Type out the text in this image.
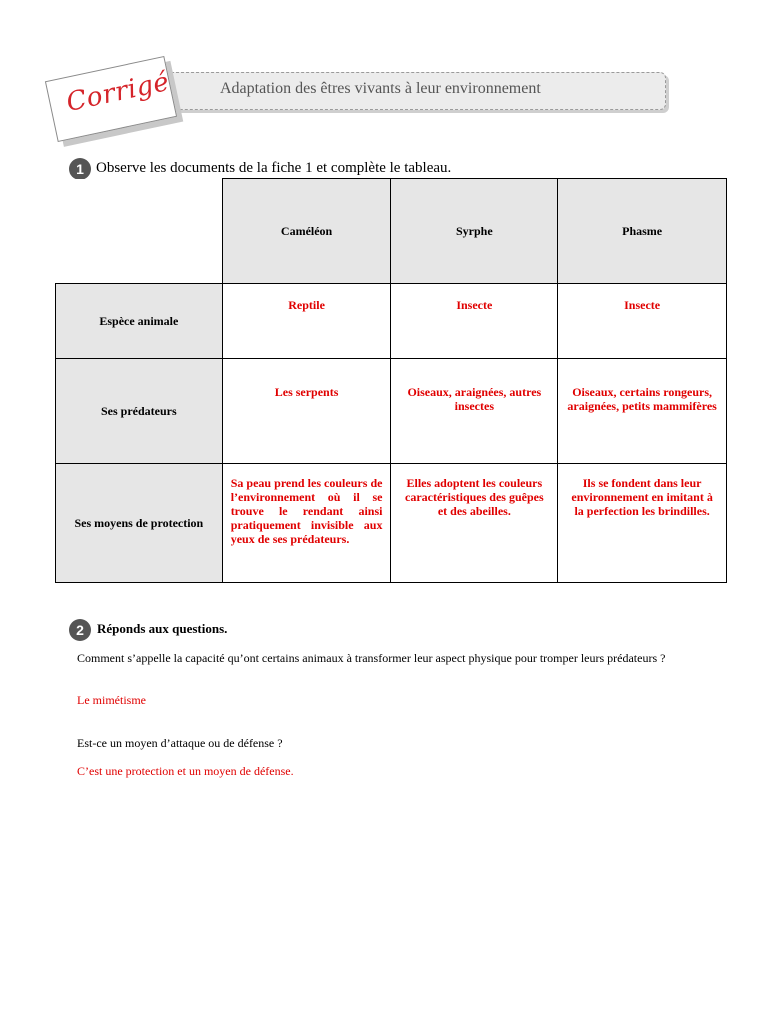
Adaptation des êtres vivants à leur environnement
Corrigé
1 Observe les documents de la fiche 1 et complète le tableau.
	Caméléon	Syrphe	Phasme
Espèce animale	Reptile	Insecte	Insecte
Ses prédateurs	Les serpents	Oiseaux, araignées, autres insectes	Oiseaux, certains rongeurs, araignées, petits mammifères
Ses moyens de protection	Sa peau prend les couleurs de l’environnement où il se trouve le rendant ainsi pratiquement invisible aux yeux de ses prédateurs.	Elles adoptent les couleurs caractéristiques des guêpes et des abeilles.	Ils se fondent dans leur environnement en imitant à la perfection les brindilles.
2	Réponds aux questions.
Comment s’appelle la capacité qu’ont certains animaux à transformer leur aspect physique pour tromper leurs prédateurs ?
Le mimétisme
Est-ce un moyen d’attaque ou de défense ?
C’est une protection et un moyen de défense.
